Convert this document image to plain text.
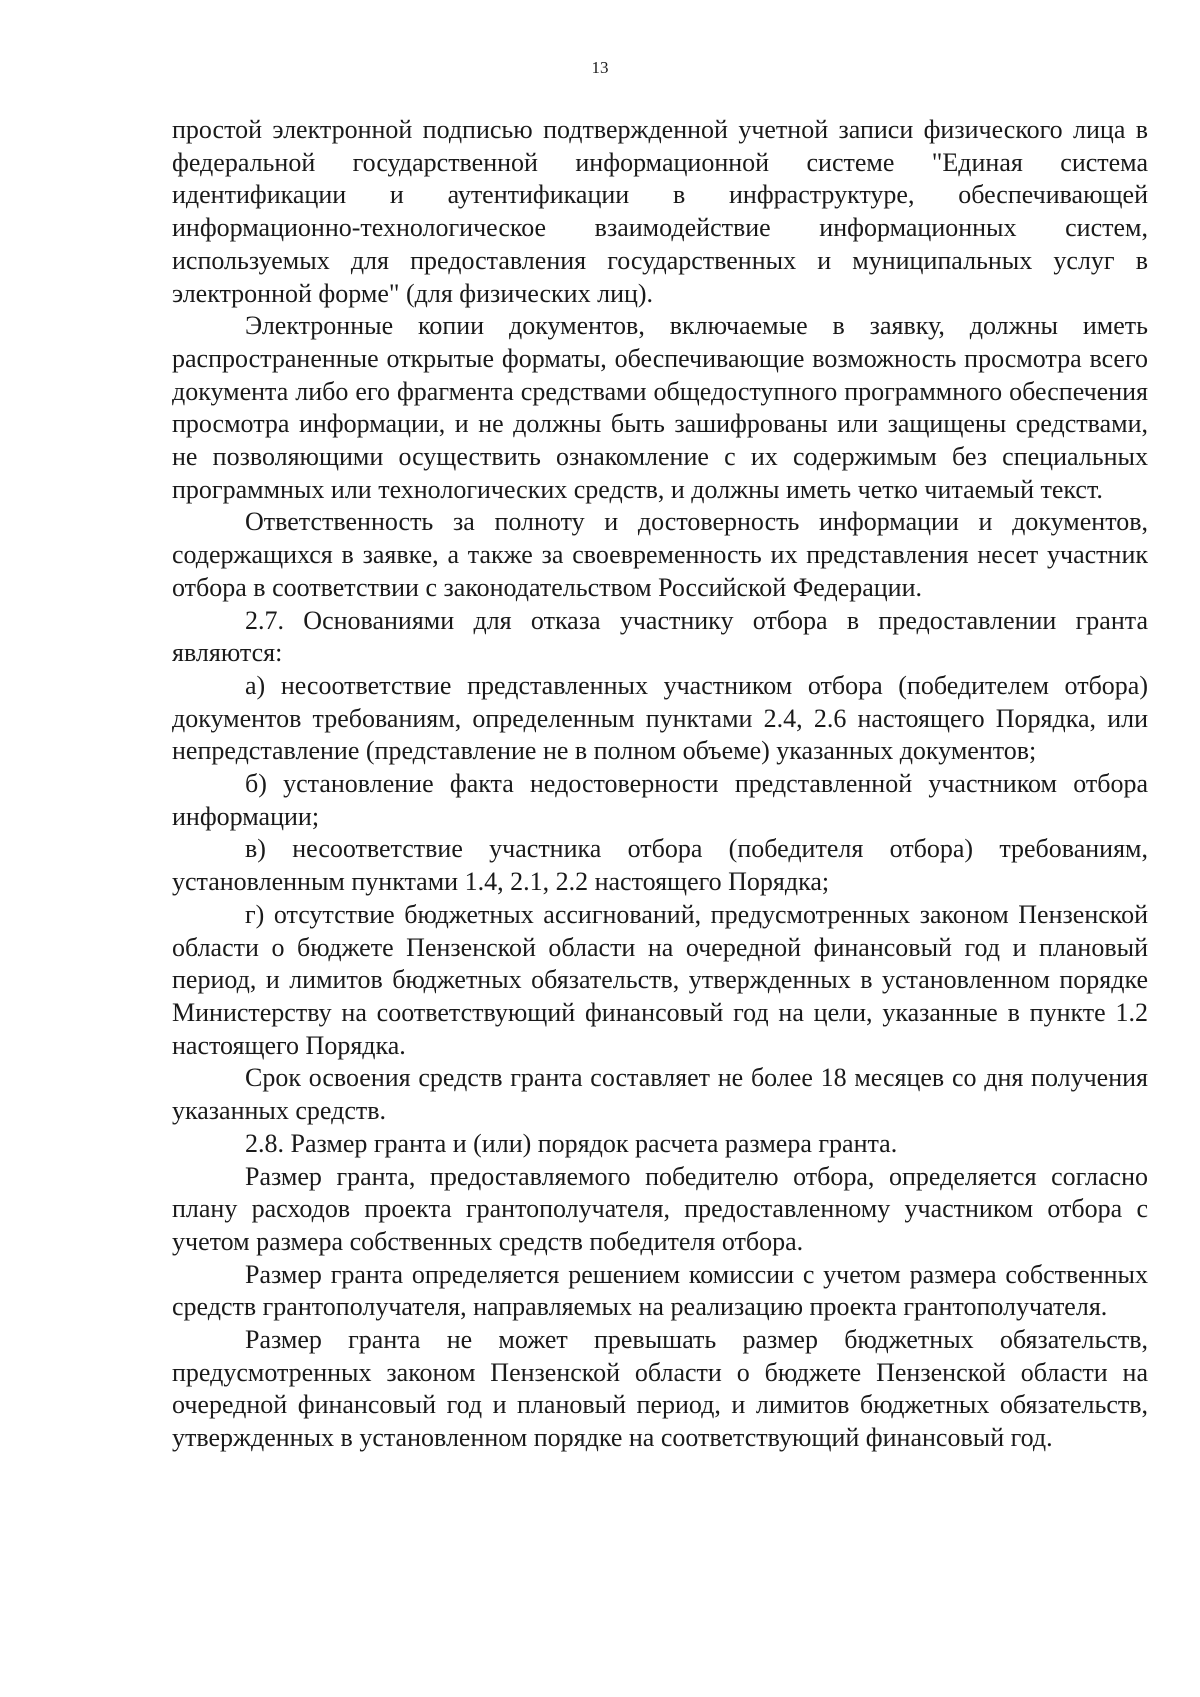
13

простой электронной подписью подтвержденной учетной записи физического лица в федеральной государственной информационной системе "Единая система идентификации и аутентификации в инфраструктуре, обеспечивающей информационно-технологическое взаимодействие информационных систем, используемых для предоставления государственных и муниципальных услуг в электронной форме" (для физических лиц).

Электронные копии документов, включаемые в заявку, должны иметь распространенные открытые форматы, обеспечивающие возможность просмотра всего документа либо его фрагмента средствами общедоступного программного обеспечения просмотра информации, и не должны быть зашифрованы или защищены средствами, не позволяющими осуществить ознакомление с их содержимым без специальных программных или технологических средств, и должны иметь четко читаемый текст.

Ответственность за полноту и достоверность информации и документов, содержащихся в заявке, а также за своевременность их представления несет участник отбора в соответствии с законодательством Российской Федерации.

2.7. Основаниями для отказа участнику отбора в предоставлении гранта являются:

а) несоответствие представленных участником отбора (победителем отбора) документов требованиям, определенным пунктами 2.4, 2.6 настоящего Порядка, или непредставление (представление не в полном объеме) указанных документов;

б) установление факта недостоверности представленной участником отбора информации;

в) несоответствие участника отбора (победителя отбора) требованиям, установленным пунктами 1.4, 2.1, 2.2 настоящего Порядка;

г) отсутствие бюджетных ассигнований, предусмотренных законом Пензенской области о бюджете Пензенской области на очередной финансовый год и плановый период, и лимитов бюджетных обязательств, утвержденных в установленном порядке Министерству на соответствующий финансовый год на цели, указанные в пункте 1.2 настоящего Порядка.

Срок освоения средств гранта составляет не более 18 месяцев со дня получения указанных средств.

2.8. Размер гранта и (или) порядок расчета размера гранта.

Размер гранта, предоставляемого победителю отбора, определяется согласно плану расходов проекта грантополучателя, предоставленному участником отбора с учетом размера собственных средств победителя отбора.

Размер гранта определяется решением комиссии с учетом размера собственных средств грантополучателя, направляемых на реализацию проекта грантополучателя.

Размер гранта не может превышать размер бюджетных обязательств, предусмотренных законом Пензенской области о бюджете Пензенской области на очередной финансовый год и плановый период, и лимитов бюджетных обязательств, утвержденных в установленном порядке на соответствующий финансовый год.
